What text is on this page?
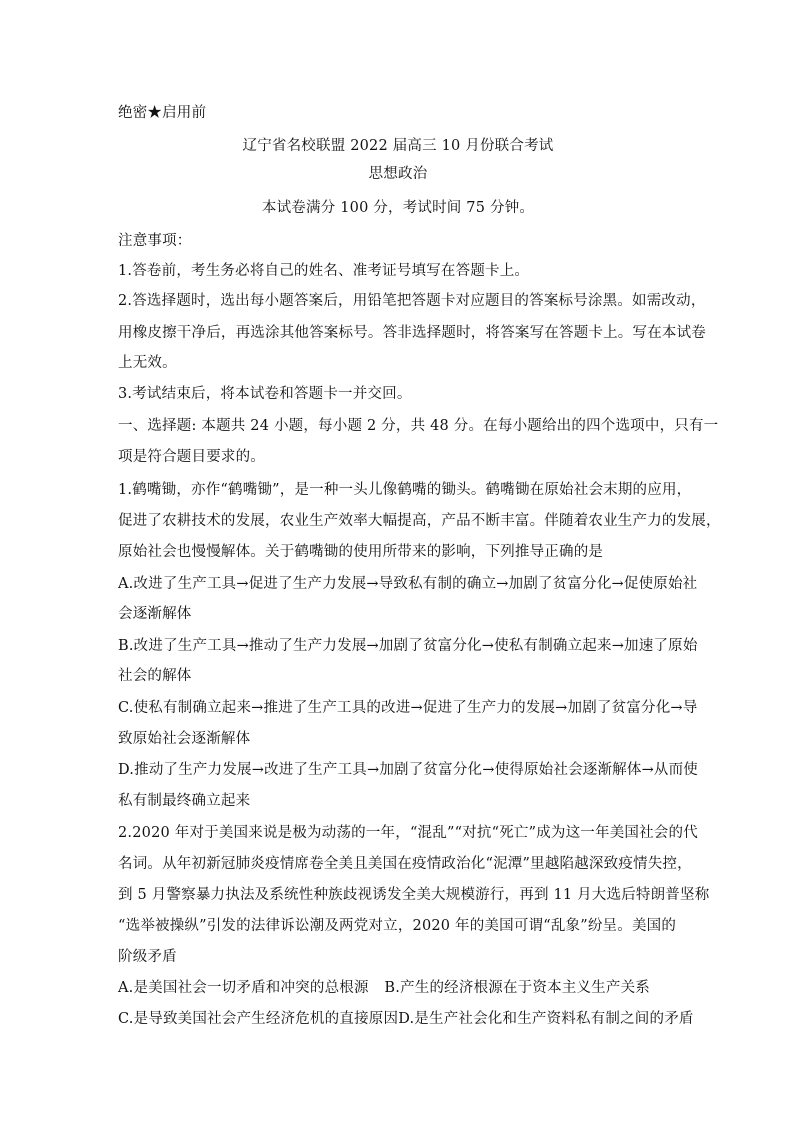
绝密★启用前
辽宁省名校联盟 2022 届高三 10 月份联合考试
思想政治
本试卷满分 100 分，考试时间 75 分钟。
注意事项：
1.答卷前，考生务必将自己的姓名、准考证号填写在答题卡上。
2.答选择题时，选出每小题答案后，用铅笔把答题卡对应题目的答案标号涂黑。如需改动，
用橡皮擦干净后，再选涂其他答案标号。答非选择题时，将答案写在答题卡上。写在本试卷
上无效。
3.考试结束后，将本试卷和答题卡一并交回。
一、选择题: 本题共 24 小题，每小题 2 分，共 48 分。在每小题给出的四个选项中，只有一
项是符合题目要求的。
1.鹤嘴锄，亦作“鹤嘴锄”，是一种一头儿像鹤嘴的锄头。鹤嘴锄在原始社会末期的应用，
促进了农耕技术的发展，农业生产效率大幅提高，产品不断丰富。伴随着农业生产力的发展，
原始社会也慢慢解体。关于鹤嘴锄的使用所带来的影响，下列推导正确的是
A.改进了生产工具→促进了生产力发展→导致私有制的确立→加剧了贫富分化→促使原始社
会逐渐解体
B.改进了生产工具→推动了生产力发展→加剧了贫富分化→使私有制确立起来→加速了原始
社会的解体
C.使私有制确立起来→推进了生产工具的改进→促进了生产力的发展→加剧了贫富分化→导
致原始社会逐渐解体
D.推动了生产力发展→改进了生产工具→加剧了贫富分化→使得原始社会逐渐解体→从而使
私有制最终确立起来
2.2020 年对于美国来说是极为动荡的一年，“混乱”“对抗“死亡”成为这一年美国社会的代
名词。从年初新冠肺炎疫情席卷全美且美国在疫情政治化“泥潭”里越陷越深致疫情失控，
到 5 月警察暴力执法及系统性种族歧视诱发全美大规模游行，再到 11 月大选后特朗普坚称
“选举被操纵”引发的法律诉讼潮及两党对立，2020 年的美国可谓“乱象”纷呈。美国的
阶级矛盾
A.是美国社会一切矛盾和冲突的总根源 B.产生的经济根源在于资本主义生产关系
C.是导致美国社会产生经济危机的直接原因 D.是生产社会化和生产资料私有制之间的矛盾
